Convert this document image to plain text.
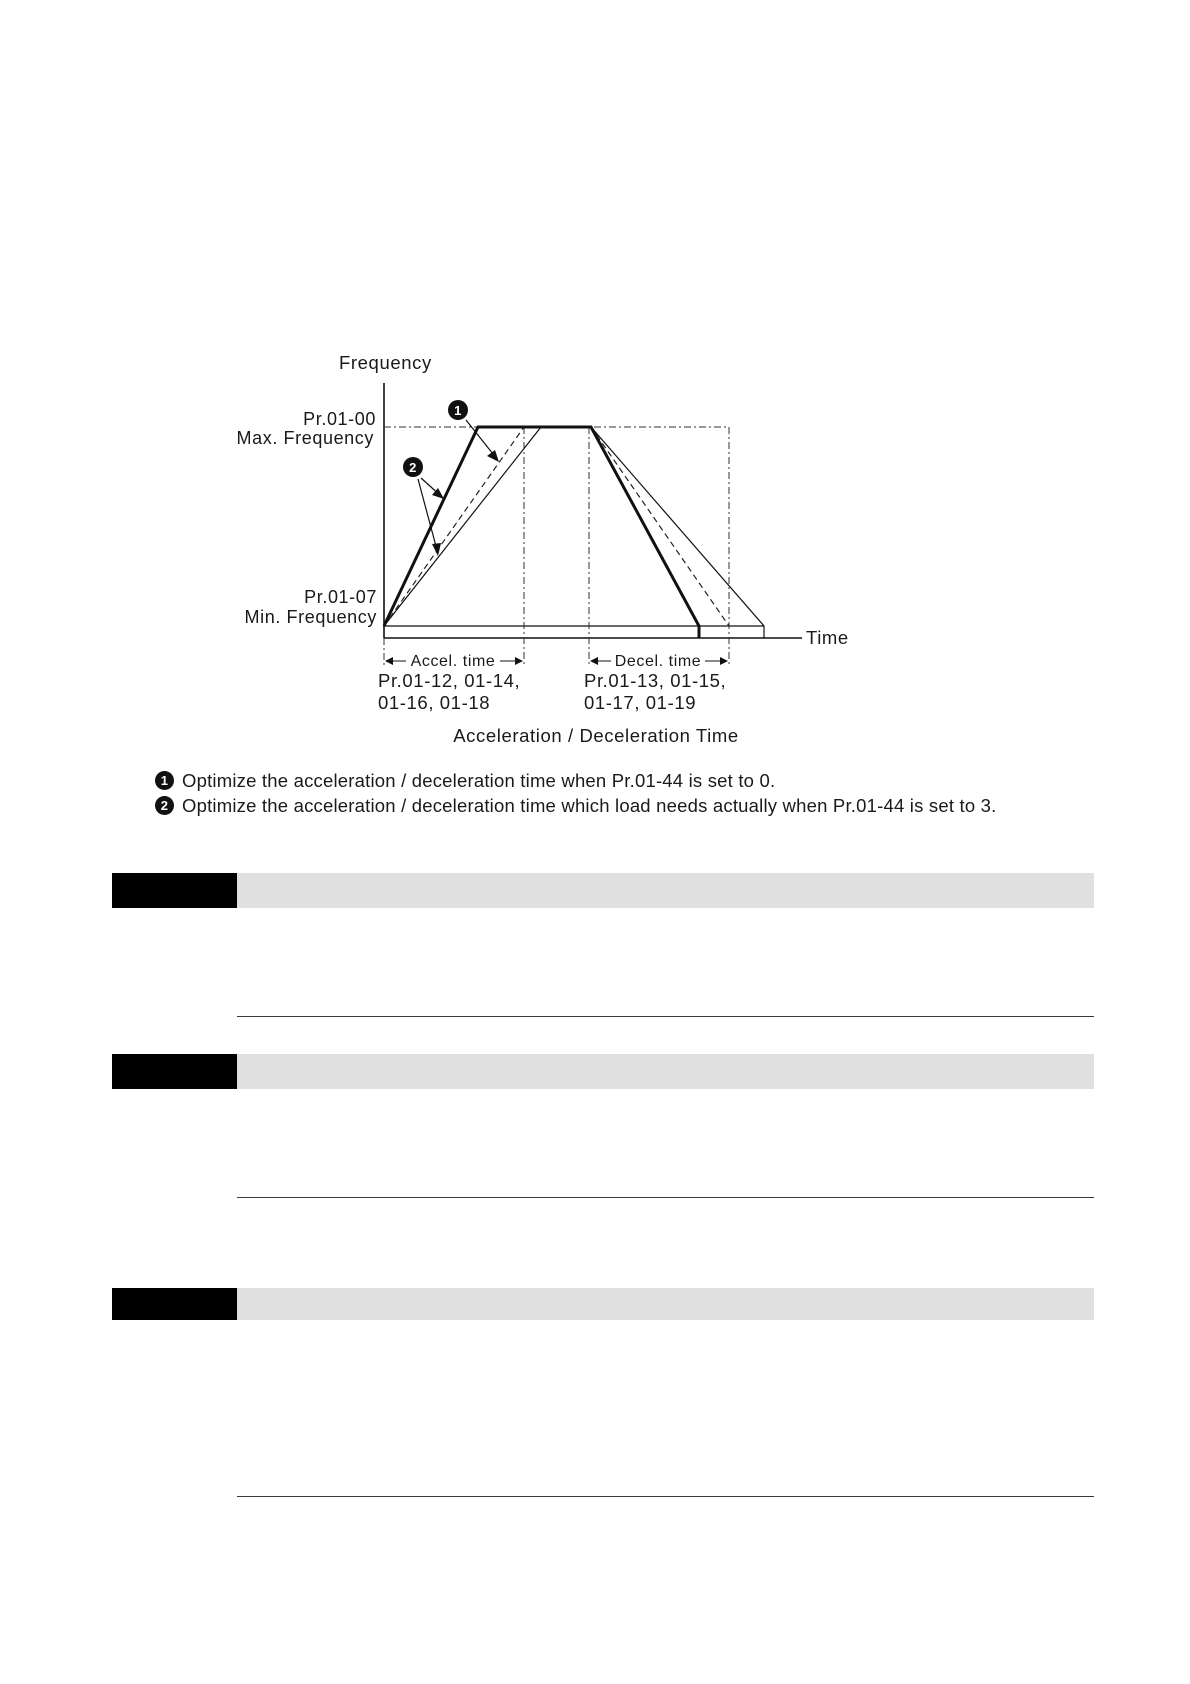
1
2
Frequency
Time
Pr.01-00
Max. Frequency
Pr.01-07
Min. Frequency
Accel. time
Pr.01-12, 01-14,
01-16, 01-18
Decel. time
Pr.01-13, 01-15,
01-17, 01-19
Acceleration / Deceleration Time
1 Optimize the acceleration / deceleration time when Pr.01-44 is set to 0.
2 Optimize the acceleration / deceleration time which load needs actually when Pr.01-44 is set to 3.
